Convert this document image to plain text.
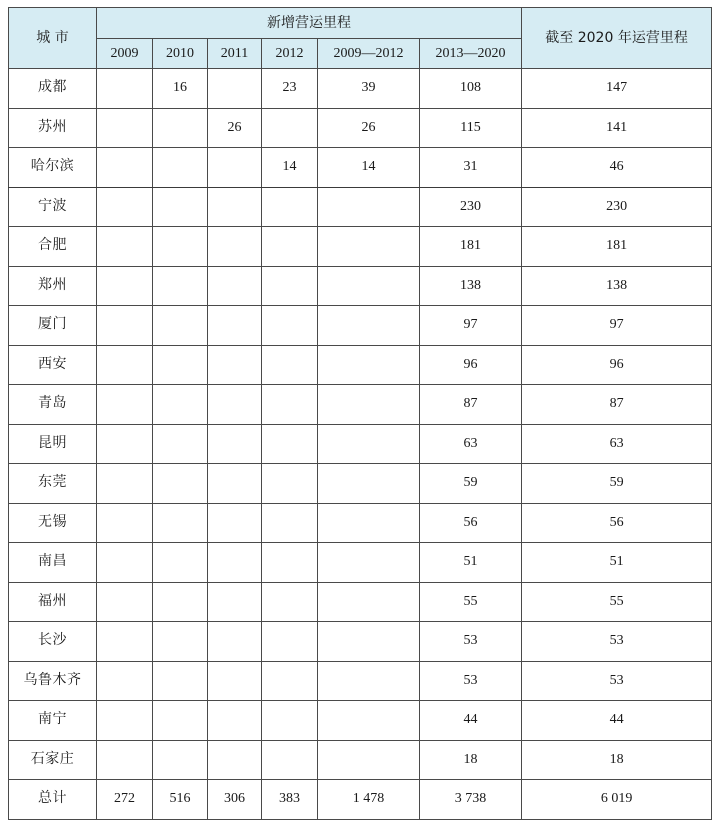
城 市	新增营运里程						截至 2020 年运营里程
	2009	2010	2011	2012	2009—2012	2013—2020	
成都		16		23	39	108	147
苏州			26		26	115	141
哈尔滨				14	14	31	46
宁波						230	230
合肥						181	181
郑州						138	138
厦门						97	97
西安						96	96
青岛						87	87
昆明						63	63
东莞						59	59
无锡						56	56
南昌						51	51
福州						55	55
长沙						53	53
乌鲁木齐						53	53
南宁						44	44
石家庄						18	18
总计	272	516	306	383	1 478	3 738	6 019
